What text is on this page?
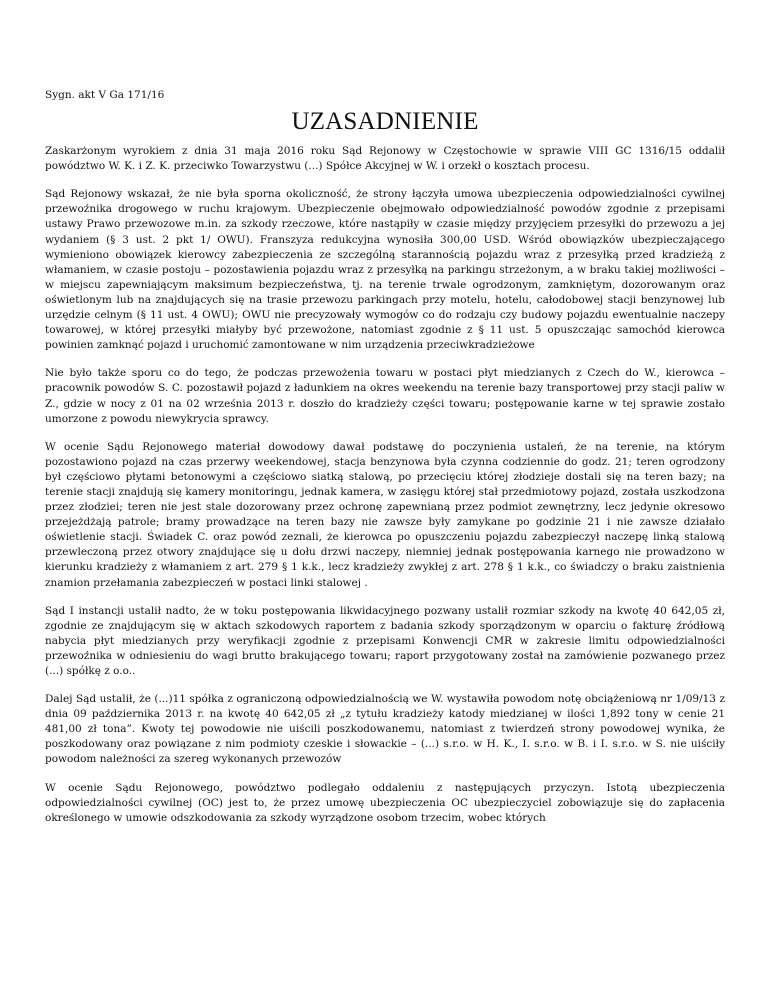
Sygn. akt V Ga 171/16
UZASADNIENIE

Zaskarżonym wyrokiem z dnia 31 maja 2016 roku Sąd Rejonowy w Częstochowie w sprawie VIII GC 1316/15 oddalił powództwo W. K. i Z. K. przeciwko Towarzystwu (...) Spółce Akcyjnej w W. i orzekł o kosztach procesu.

Sąd Rejonowy wskazał, że nie była sporna okoliczność, że strony łączyła umowa ubezpieczenia odpowiedzialności cywilnej przewoźnika drogowego w ruchu krajowym. Ubezpieczenie obejmowało odpowiedzialność powodów zgodnie z przepisami ustawy Prawo przewozowe m.in. za szkody rzeczowe, które nastąpiły w czasie między przyjęciem przesyłki do przewozu a jej wydaniem (§ 3 ust. 2 pkt 1/ OWU). Franszyza redukcyjna wynosiła 300,00 USD. Wśród obowiązków ubezpieczającego wymieniono obowiązek kierowcy zabezpieczenia ze szczególną starannością pojazdu wraz z przesyłką przed kradzieżą z włamaniem, w czasie postoju – pozostawienia pojazdu wraz z przesyłką na parkingu strzeżonym, a w braku takiej możliwości – w miejscu zapewniającym maksimum bezpieczeństwa, tj. na terenie trwale ogrodzonym, zamkniętym, dozorowanym oraz oświetlonym lub na znajdujących się na trasie przewozu parkingach przy motelu, hotelu, całodobowej stacji benzynowej lub urzędzie celnym (§ 11 ust. 4 OWU); OWU nie precyzowały wymogów co do rodzaju czy budowy pojazdu ewentualnie naczepy towarowej, w której przesyłki miałyby być przewożone, natomiast zgodnie z § 11 ust. 5 opuszczając samochód kierowca powinien zamknąć pojazd i uruchomić zamontowane w nim urządzenia przeciwkradzieżowe

Nie było także sporu co do tego, że podczas przewożenia towaru w postaci płyt miedzianych z Czech do W., kierowca – pracownik powodów S. C. pozostawił pojazd z ładunkiem na okres weekendu na terenie bazy transportowej przy stacji paliw w Z., gdzie w nocy z 01 na 02 września 2013 r. doszło do kradzieży części towaru; postępowanie karne w tej sprawie zostało umorzone z powodu niewykrycia sprawcy.

W ocenie Sądu Rejonowego materiał dowodowy dawał podstawę do poczynienia ustaleń, że na terenie, na którym pozostawiono pojazd na czas przerwy weekendowej, stacja benzynowa była czynna codziennie do godz. 21; teren ogrodzony był częściowo płytami betonowymi a częściowo siatką stalową, po przecięciu której złodzieje dostali się na teren bazy; na terenie stacji znajdują się kamery monitoringu, jednak kamera, w zasięgu której stał przedmiotowy pojazd, została uszkodzona przez złodziei; teren nie jest stale dozorowany przez ochronę zapewnianą przez podmiot zewnętrzny, lecz jedynie okresowo przejeżdżają patrole; bramy prowadzące na teren bazy nie zawsze były zamykane po godzinie 21 i nie zawsze działało oświetlenie stacji. Świadek C. oraz powód zeznali, że kierowca po opuszczeniu pojazdu zabezpieczył naczepę linką stalową przewleczoną przez otwory znajdujące się u dołu drzwi naczepy, niemniej jednak postępowania karnego nie prowadzono w kierunku kradzieży z włamaniem z art. 279 § 1 k.k., lecz kradzieży zwykłej z art. 278 § 1 k.k., co świadczy o braku zaistnienia znamion przełamania zabezpieczeń w postaci linki stalowej .

Sąd I instancji ustalił nadto, że w toku postępowania likwidacyjnego pozwany ustalił rozmiar szkody na kwotę 40 642,05 zł, zgodnie ze znajdującym się w aktach szkodowych raportem z badania szkody sporządzonym w oparciu o fakturę źródłową nabycia płyt miedzianych przy weryfikacji zgodnie z przepisami Konwencji CMR w zakresie limitu odpowiedzialności przewoźnika w odniesieniu do wagi brutto brakującego towaru; raport przygotowany został na zamówienie pozwanego przez (...) spółkę z o.o..

Dalej Sąd ustalił, że (...)11 spółka z ograniczoną odpowiedzialnością we W. wystawiła powodom notę obciążeniową nr 1/09/13 z dnia 09 października 2013 r. na kwotę 40 642,05 zł „z tytułu kradzieży katody miedzianej w ilości 1,892 tony w cenie 21 481,00 zł tona”. Kwoty tej powodowie nie uiścili poszkodowanemu, natomiast z twierdzeń strony powodowej wynika, że poszkodowany oraz powiązane z nim podmioty czeskie i słowackie – (...) s.r.o. w H. K., I. s.r.o. w B. i I. s.r.o. w S. nie uiściły powodom należności za szereg wykonanych przewozów

W ocenie Sądu Rejonowego, powództwo podlegało oddaleniu z następujących przyczyn. Istotą ubezpieczenia odpowiedzialności cywilnej (OC) jest to, że przez umowę ubezpieczenia OC ubezpieczyciel zobowiązuje się do zapłacenia określonego w umowie odszkodowania za szkody wyrządzone osobom trzecim, wobec których
